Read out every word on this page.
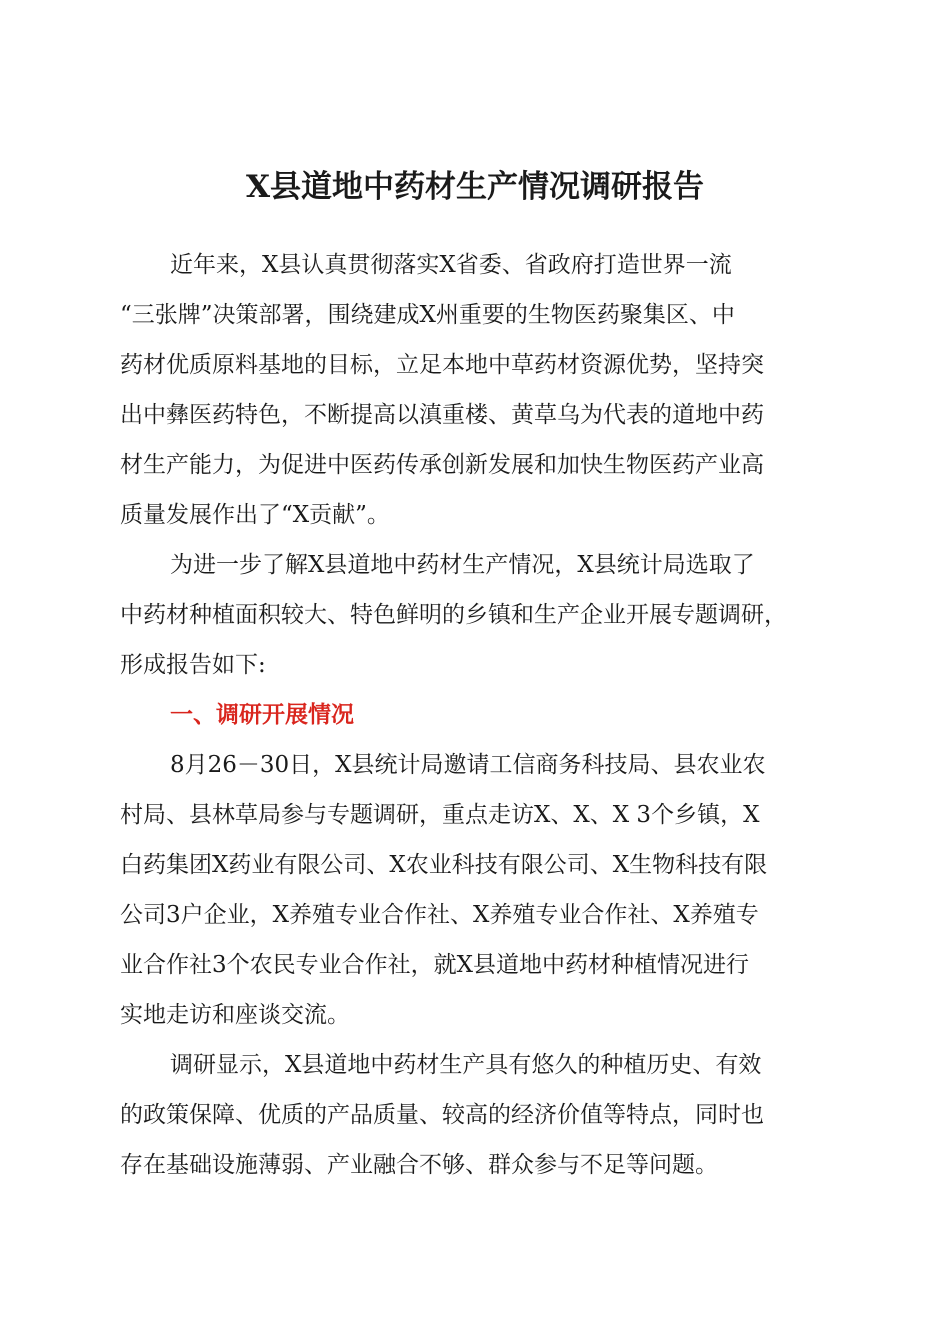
X县道地中药材生产情况调研报告
近年来，X县认真贯彻落实X省委、省政府打造世界一流
“三张牌”决策部署，围绕建成X州重要的生物医药聚集区、中
药材优质原料基地的目标，立足本地中草药材资源优势，坚持突
出中彝医药特色，不断提高以滇重楼、黄草乌为代表的道地中药
材生产能力，为促进中医药传承创新发展和加快生物医药产业高
质量发展作出了“X贡献”。
为进一步了解X县道地中药材生产情况，X县统计局选取了
中药材种植面积较大、特色鲜明的乡镇和生产企业开展专题调研，
形成报告如下:
一、调研开展情况
8月26－30日，X县统计局邀请工信商务科技局、县农业农
村局、县林草局参与专题调研，重点走访X、X、X 3个乡镇，X
白药集团X药业有限公司、X农业科技有限公司、X生物科技有限
公司3户企业，X养殖专业合作社、X养殖专业合作社、X养殖专
业合作社3个农民专业合作社，就X县道地中药材种植情况进行
实地走访和座谈交流。
调研显示，X县道地中药材生产具有悠久的种植历史、有效
的政策保障、优质的产品质量、较高的经济价值等特点，同时也
存在基础设施薄弱、产业融合不够、群众参与不足等问题。
